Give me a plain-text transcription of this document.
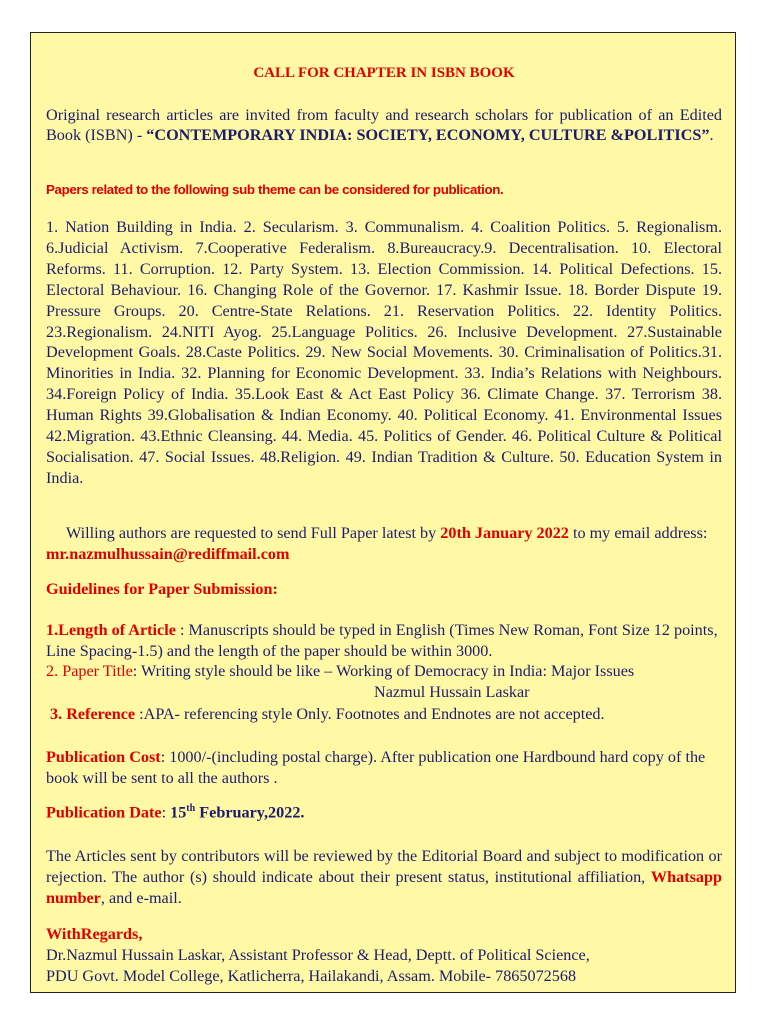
CALL FOR CHAPTER IN ISBN BOOK
Original research articles are invited from faculty and research scholars for publication of an Edited Book (ISBN) - “CONTEMPORARY INDIA: SOCIETY, ECONOMY, CULTURE &POLITICS”.
Papers related to the following sub theme can be considered for publication.
1. Nation Building in India. 2. Secularism. 3. Communalism. 4. Coalition Politics. 5. Regionalism. 6.Judicial Activism. 7.Cooperative Federalism. 8.Bureaucracy.9. Decentralisation. 10. Electoral Reforms. 11. Corruption. 12. Party System. 13. Election Commission. 14. Political Defections. 15. Electoral Behaviour. 16. Changing Role of the Governor. 17. Kashmir Issue. 18. Border Dispute 19. Pressure Groups. 20. Centre-State Relations. 21. Reservation Politics. 22. Identity Politics. 23.Regionalism. 24.NITI Ayog. 25.Language Politics. 26. Inclusive Development. 27.Sustainable Development Goals. 28.Caste Politics. 29. New Social Movements. 30. Criminalisation of Politics.31. Minorities in India. 32. Planning for Economic Development. 33. India’s Relations with Neighbours. 34.Foreign Policy of India. 35.Look East & Act East Policy 36. Climate Change. 37. Terrorism 38. Human Rights 39.Globalisation & Indian Economy. 40. Political Economy. 41. Environmental Issues 42.Migration. 43.Ethnic Cleansing. 44. Media. 45. Politics of Gender. 46. Political Culture & Political Socialisation. 47. Social Issues. 48.Religion. 49. Indian Tradition & Culture. 50. Education System in India.
Willing authors are requested to send Full Paper latest by 20th January 2022 to my email address: mr.nazmulhussain@rediffmail.com
Guidelines for Paper Submission:
1.Length of Article : Manuscripts should be typed in English (Times New Roman, Font Size 12 points, Line Spacing-1.5) and the length of the paper should be within 3000.
2. Paper Title: Writing style should be like – Working of Democracy in India: Major Issues
Nazmul Hussain Laskar
3. Reference :APA- referencing style Only. Footnotes and Endnotes are not accepted.
Publication Cost: 1000/-(including postal charge). After publication one Hardbound hard copy of the book will be sent to all the authors .
Publication Date: 15th February,2022.
The Articles sent by contributors will be reviewed by the Editorial Board and subject to modification or rejection. The author (s) should indicate about their present status, institutional affiliation, Whatsapp number, and e-mail.
WithRegards,
Dr.Nazmul Hussain Laskar, Assistant Professor & Head, Deptt. of Political Science,
PDU Govt. Model College, Katlicherra, Hailakandi, Assam. Mobile- 7865072568
